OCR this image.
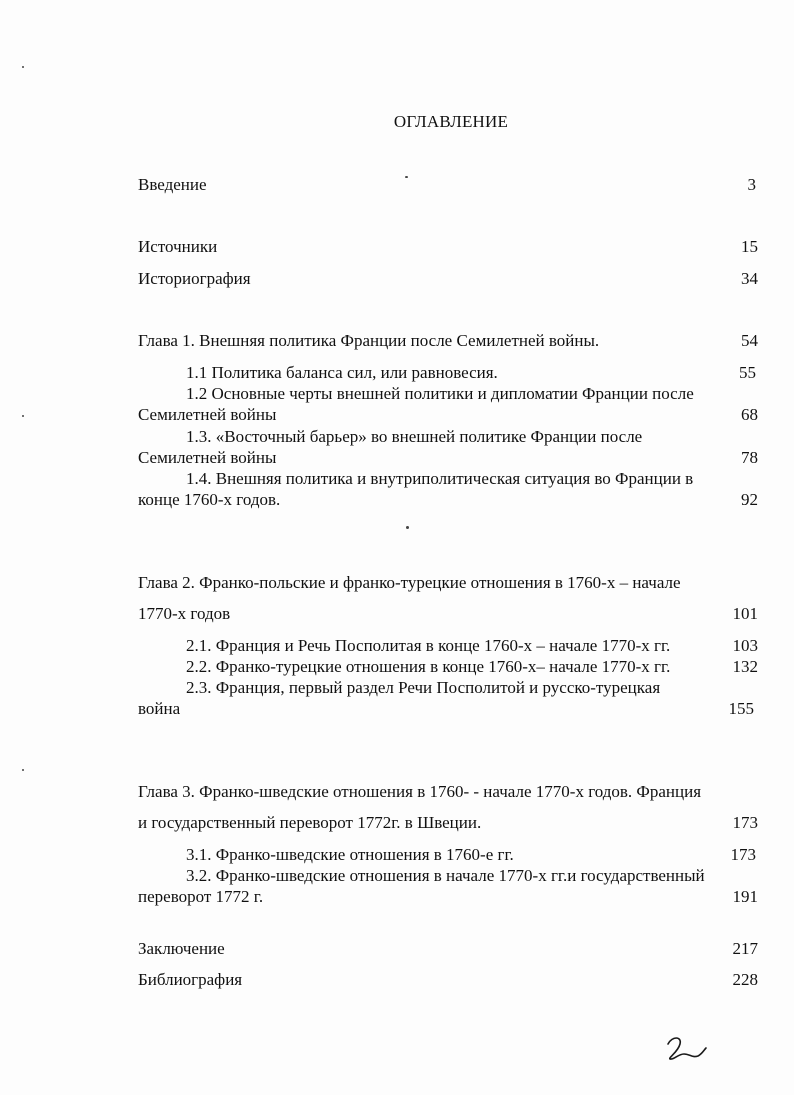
ОГЛАВЛЕНИЕ
Введение	3
Источники	15
Историография	34
Глава 1. Внешняя политика Франции после Семилетней войны.	54
1.1 Политика баланса сил, или равновесия.	55
1.2 Основные черты внешней политики и дипломатии Франции после
Семилетней войны	68
1.3. «Восточный барьер» во внешней политике Франции после
Семилетней войны	78
1.4. Внешняя политика и внутриполитическая ситуация во Франции в
конце 1760-х годов.	92
Глава 2. Франко-польские и франко-турецкие отношения в 1760-х – начале
1770-х годов	101
2.1. Франция и Речь Посполитая в конце 1760-х – начале 1770-х гг.	103
2.2. Франко-турецкие отношения в конце 1760-х– начале 1770-х гг.	132
2.3. Франция, первый раздел Речи Посполитой и русско-турецкая
война	155
Глава 3. Франко-шведские отношения в 1760- - начале 1770-х годов. Франция
и государственный переворот 1772г. в Швеции.	173
3.1. Франко-шведские отношения в 1760-е гг.	173
3.2. Франко-шведские отношения в начале 1770-х гг.и государственный
переворот 1772 г.	191
Заключение	217
Библиография	228
